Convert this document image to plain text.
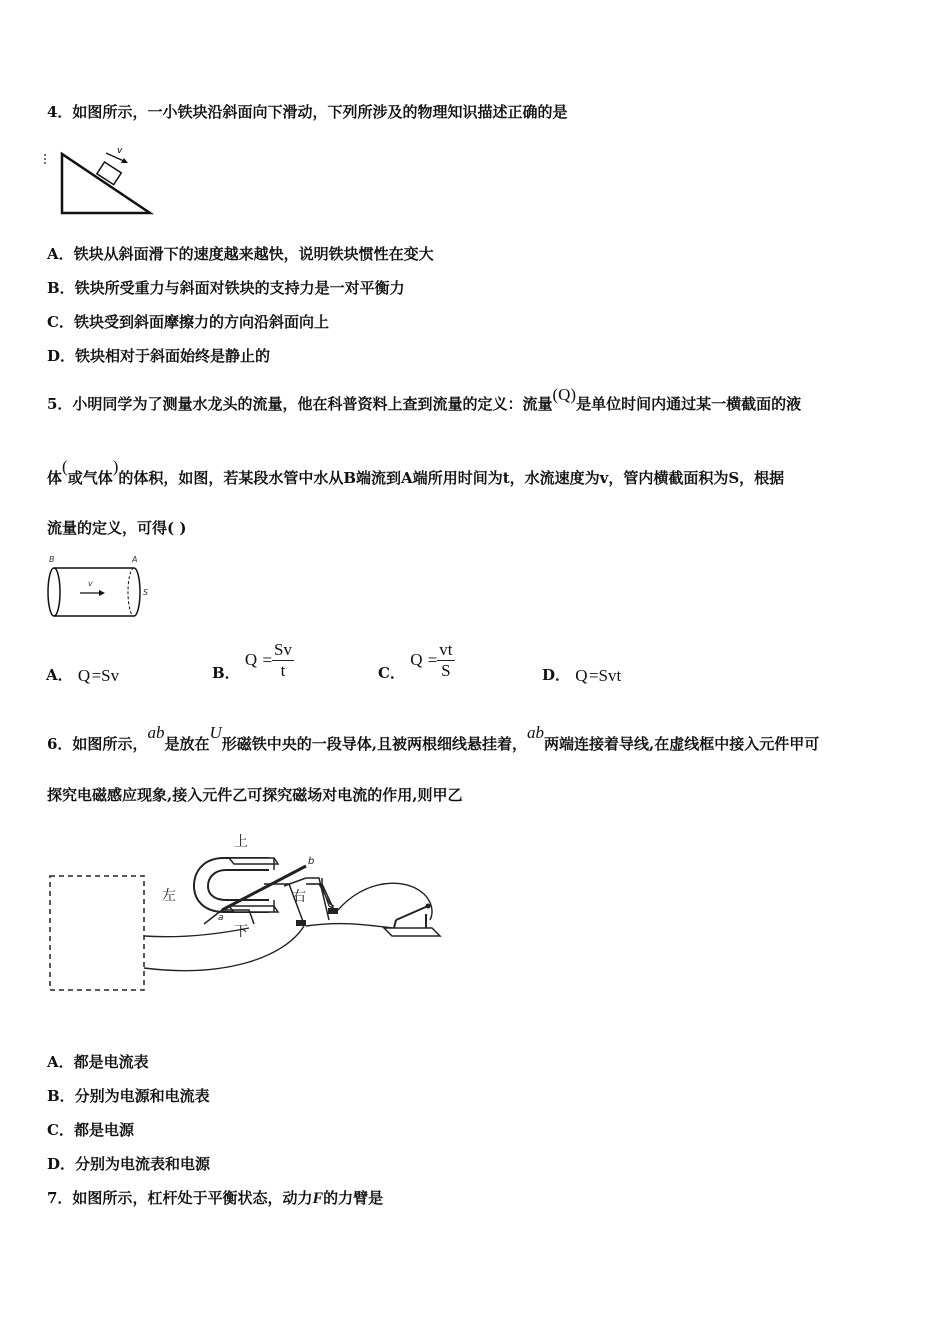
4．如图所示，一小铁块沿斜面向下滑动，下列所涉及的物理知识描述正确的是
v
A．铁块从斜面滑下的速度越来越快，说明铁块惯性在变大
B．铁块所受重力与斜面对铁块的支持力是一对平衡力
C．铁块受到斜面摩擦力的方向沿斜面向上
D．铁块相对于斜面始终是静止的
5．小明同学为了测量水龙头的流量，他在科普资料上查到流量的定义：流量(Q)是单位时间内通过某一横截面的液
体(或气体)的体积，如图，若某段水管中水从B端流到A端所用时间为t，水流速度为v，管内横截面积为S，根据
流量的定义，可得( )
B	A
v
S
A． Q =Sv	B． $Q = \frac{Sv}{t}$	C． $Q = \frac{vt}{S}$	D． Q =Svt
6．如图所示，ab是放在U形磁铁中央的一段导体,且被两根细线悬挂着，ab两端连接着导线,在虚线框中接入元件甲可
探究电磁感应现象,接入元件乙可探究磁场对电流的作用,则甲乙
上
左	右
下
a
b
A．都是电流表
B．分别为电源和电流表
C．都是电源
D．分别为电流表和电源
7．如图所示，杠杆处于平衡状态，动力F的力臂是
